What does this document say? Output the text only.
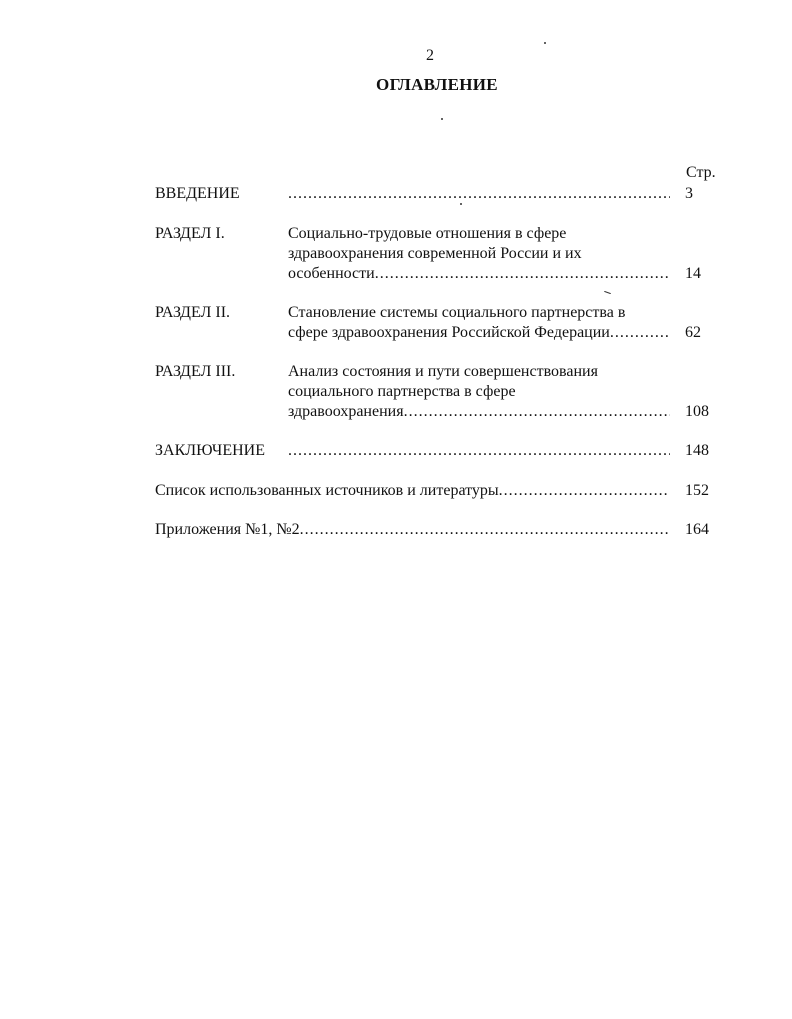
2
ОГЛАВЛЕНИЕ
Стр.
ВВЕДЕНИЕ .....	3
РАЗДЕЛ I.	Социально-трудовые отношения в сфере
здравоохранения современной России и их
особенности .....	14
РАЗДЕЛ II.	Становление системы социального партнерства в
сфере здравоохранения Российской Федерации .....	62
РАЗДЕЛ III.	Анализ состояния и пути совершенствования
социального партнерства в сфере
здравоохранения .....	108
ЗАКЛЮЧЕНИЕ .....	148
Список использованных источников и литературы .....	152
Приложения №1, №2 .....	164
